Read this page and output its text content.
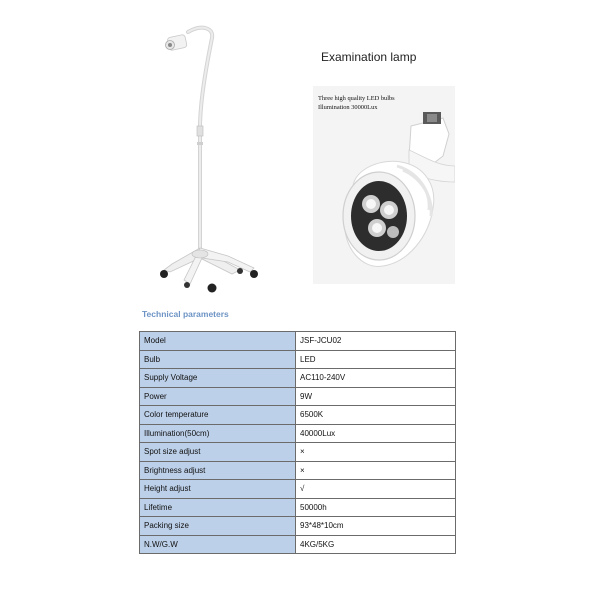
Examination lamp
Three high quality LED bulbs
Illumination 30000Lux
Technical parameters
Model	JSF-JCU02
Bulb	LED
Supply Voltage	AC110-240V
Power	9W
Color temperature	6500K
Illumination(50cm)	40000Lux
Spot size adjust	×
Brightness adjust	×
Height adjust	√
Lifetime	50000h
Packing size	93*48*10cm
N.W/G.W	4KG/5KG
